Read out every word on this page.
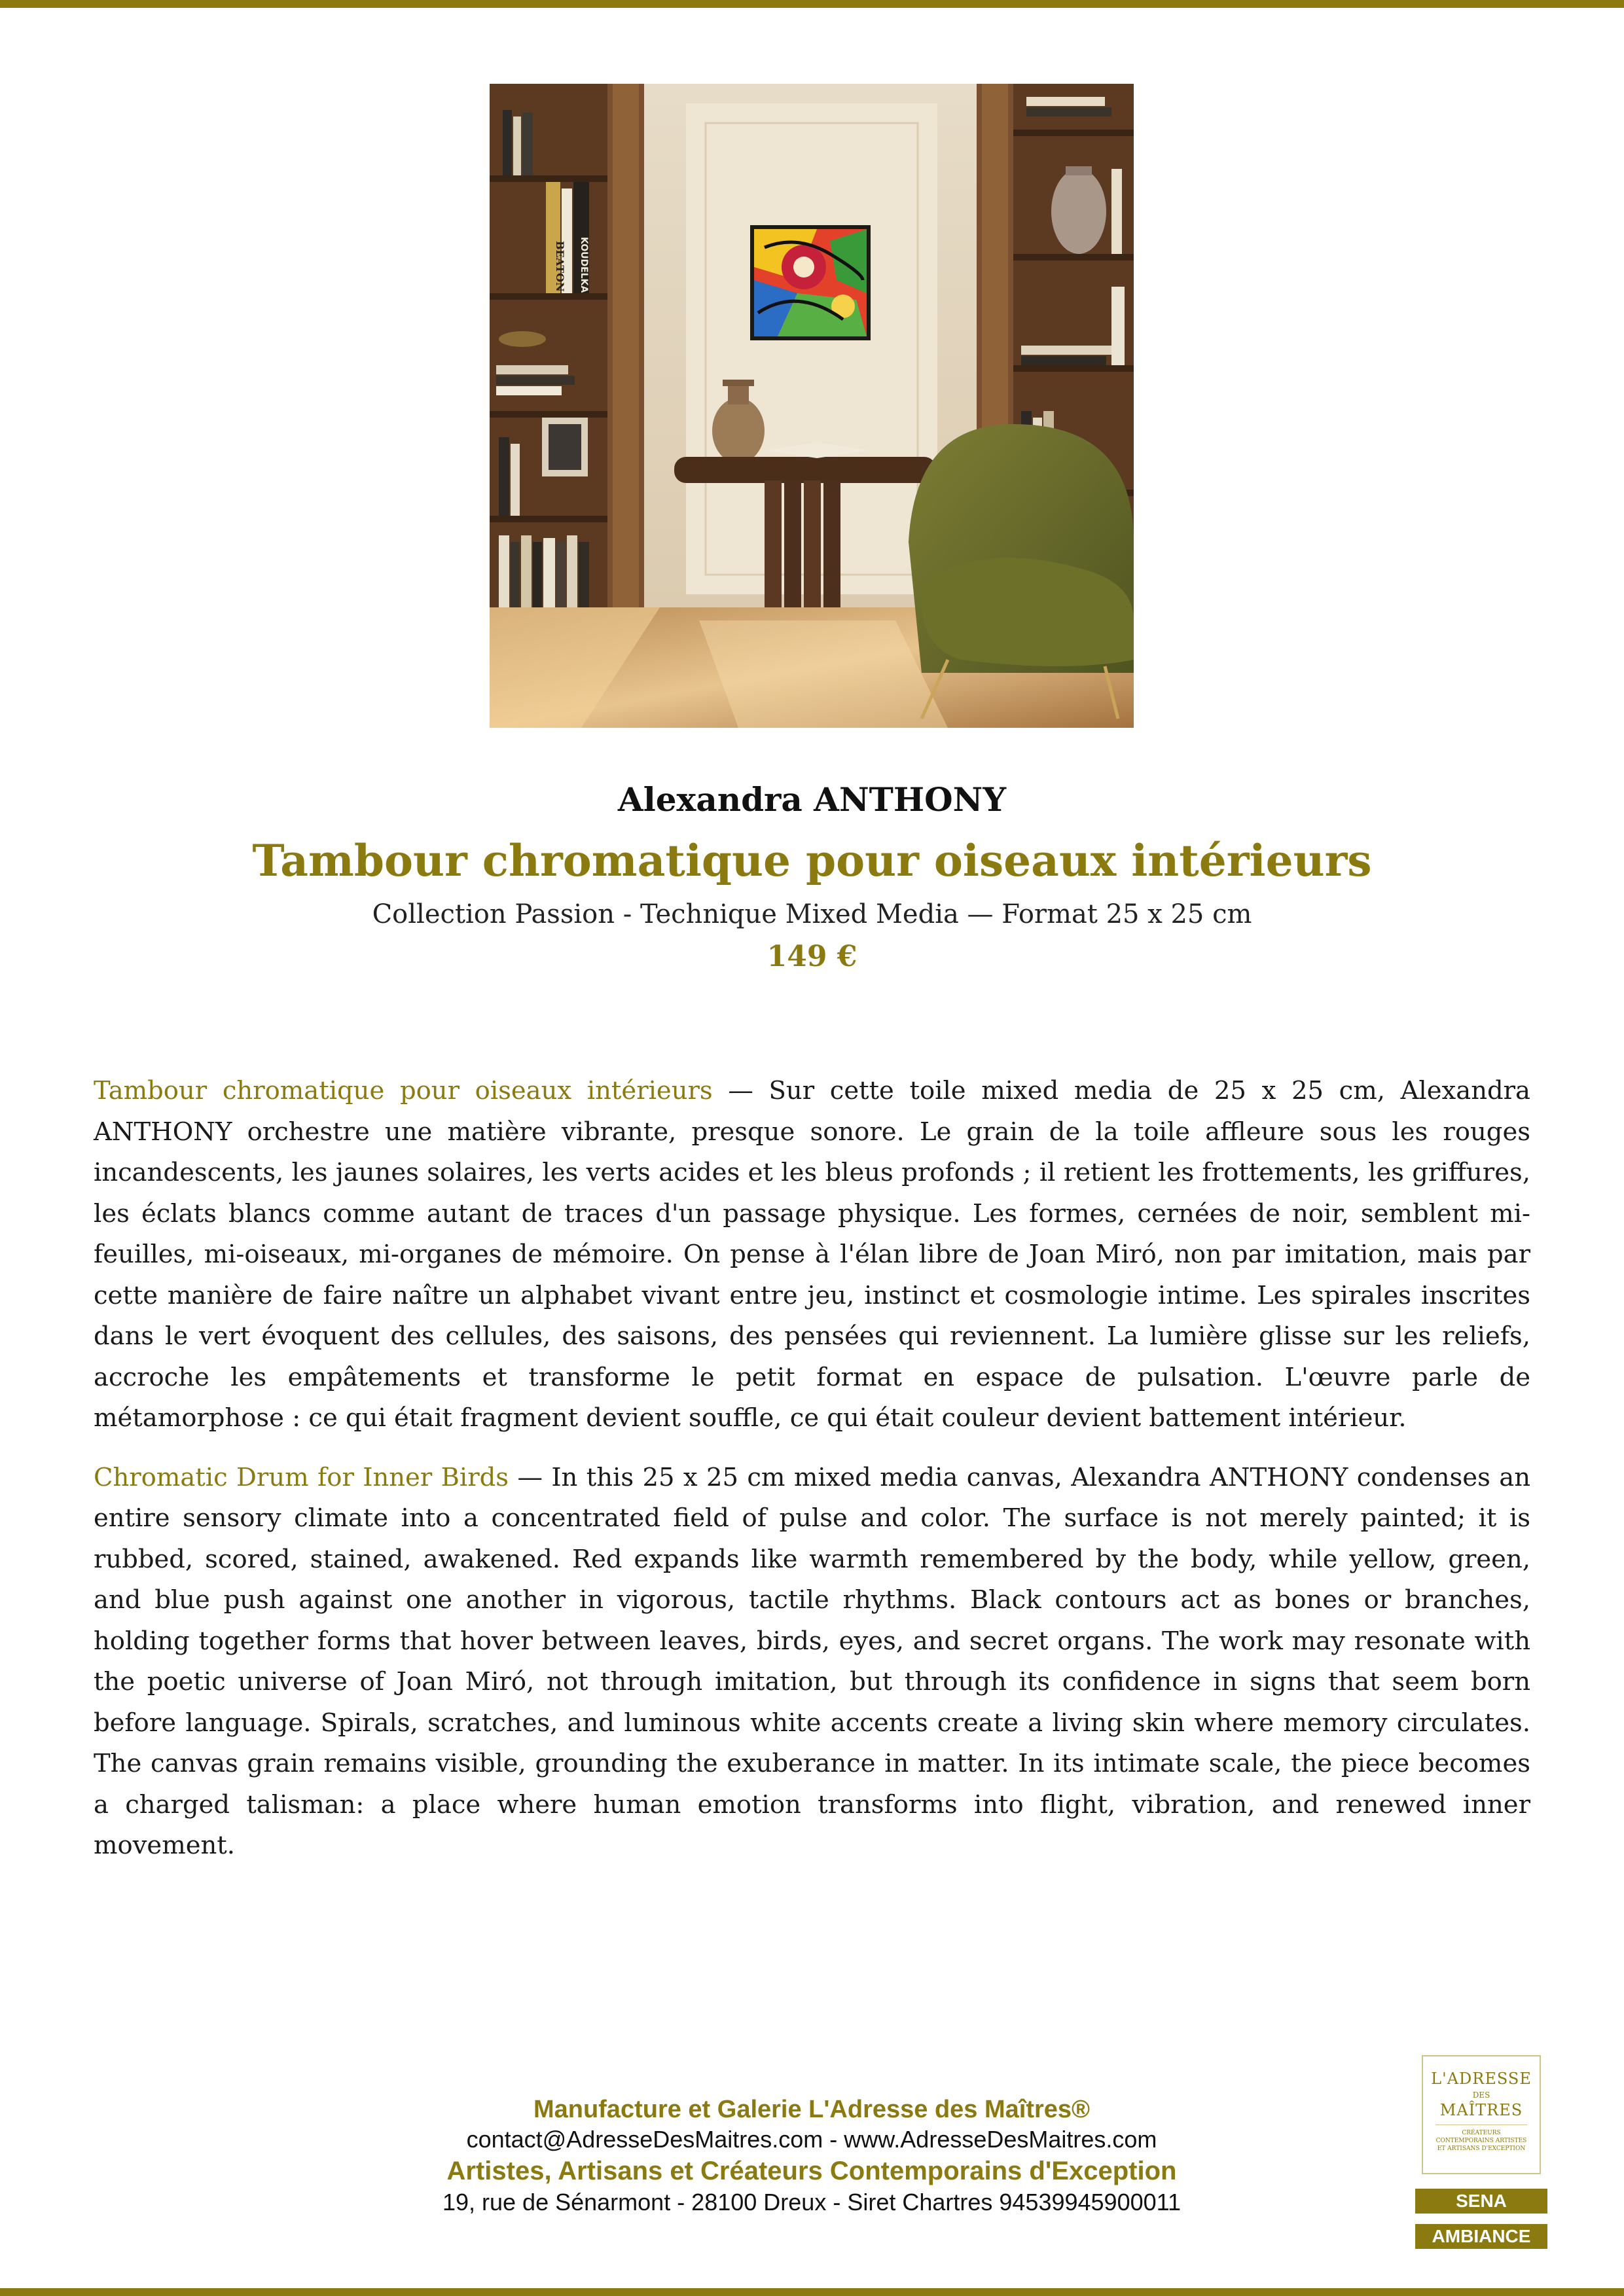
BEATON KOUDELKA
Alexandra ANTHONY
Tambour chromatique pour oiseaux intérieurs
Collection Passion - Technique Mixed Media — Format 25 x 25 cm
149 €

Tambour chromatique pour oiseaux intérieurs — Sur cette toile mixed media de 25 x 25 cm, Alexandra ANTHONY orchestre une matière vibrante, presque sonore. Le grain de la toile affleure sous les rouges incandescents, les jaunes solaires, les verts acides et les bleus profonds ; il retient les frottements, les griffures, les éclats blancs comme autant de traces d'un passage physique. Les formes, cernées de noir, semblent mi-feuilles, mi-oiseaux, mi-organes de mémoire. On pense à l'élan libre de Joan Miró, non par imitation, mais par cette manière de faire naître un alphabet vivant entre jeu, instinct et cosmologie intime. Les spirales inscrites dans le vert évoquent des cellules, des saisons, des pensées qui reviennent. La lumière glisse sur les reliefs, accroche les empâtements et transforme le petit format en espace de pulsation. L'œuvre parle de métamorphose : ce qui était fragment devient souffle, ce qui était couleur devient battement intérieur.

Chromatic Drum for Inner Birds — In this 25 x 25 cm mixed media canvas, Alexandra ANTHONY condenses an entire sensory climate into a concentrated field of pulse and color. The surface is not merely painted; it is rubbed, scored, stained, awakened. Red expands like warmth remembered by the body, while yellow, green, and blue push against one another in vigorous, tactile rhythms. Black contours act as bones or branches, holding together forms that hover between leaves, birds, eyes, and secret organs. The work may resonate with the poetic universe of Joan Miró, not through imitation, but through its confidence in signs that seem born before language. Spirals, scratches, and luminous white accents create a living skin where memory circulates. The canvas grain remains visible, grounding the exuberance in matter. In its intimate scale, the piece becomes a charged talisman: a place where human emotion transforms into flight, vibration, and renewed inner movement.

Manufacture et Galerie L'Adresse des Maîtres®
contact@AdresseDesMaitres.com - www.AdresseDesMaitres.com
Artistes, Artisans et Créateurs Contemporains d'Exception
19, rue de Sénarmont - 28100 Dreux - Siret Chartres 94539945900011
L'ADRESSE
DES
MAÎTRES
CRÉATEURS CONTEMPORAINS ARTISTES ET ARTISANS D'EXCEPTION
SENA
AMBIANCE
